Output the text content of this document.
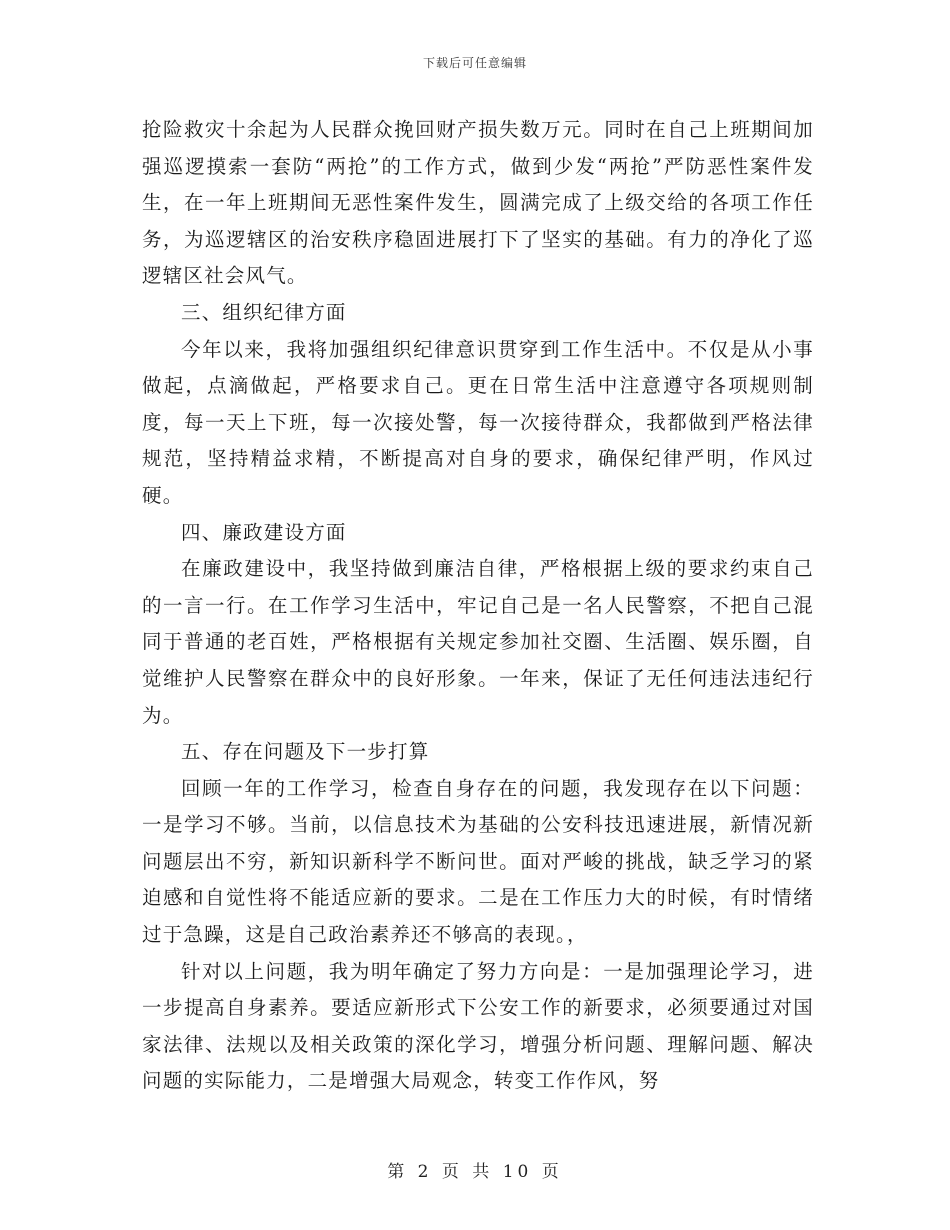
下载后可任意编辑

抢险救灾十余起为人民群众挽回财产损失数万元。同时在自己上班期间加强巡逻摸索一套防“两抢”的工作方式，做到少发“两抢”严防恶性案件发生，在一年上班期间无恶性案件发生，圆满完成了上级交给的各项工作任务，为巡逻辖区的治安秩序稳固进展打下了坚实的基础。有力的净化了巡逻辖区社会风气。

三、组织纪律方面

今年以来，我将加强组织纪律意识贯穿到工作生活中。不仅是从小事做起，点滴做起，严格要求自己。更在日常生活中注意遵守各项规则制度，每一天上下班，每一次接处警，每一次接待群众，我都做到严格法律规范，坚持精益求精，不断提高对自身的要求，确保纪律严明，作风过硬。

四、廉政建设方面

在廉政建设中，我坚持做到廉洁自律，严格根据上级的要求约束自己的一言一行。在工作学习生活中，牢记自己是一名人民警察，不把自己混同于普通的老百姓，严格根据有关规定参加社交圈、生活圈、娱乐圈，自觉维护人民警察在群众中的良好形象。一年来，保证了无任何违法违纪行为。

五、存在问题及下一步打算

回顾一年的工作学习，检查自身存在的问题，我发现存在以下问题：一是学习不够。当前，以信息技术为基础的公安科技迅速进展，新情况新问题层出不穷，新知识新科学不断问世。面对严峻的挑战，缺乏学习的紧迫感和自觉性将不能适应新的要求。二是在工作压力大的时候，有时情绪过于急躁，这是自己政治素养还不够高的表现。，

针对以上问题，我为明年确定了努力方向是：一是加强理论学习，进一步提高自身素养。要适应新形式下公安工作的新要求，必须要通过对国家法律、法规以及相关政策的深化学习，增强分析问题、理解问题、解决问题的实际能力，二是增强大局观念，转变工作作风，努

第 2 页 共 10 页
